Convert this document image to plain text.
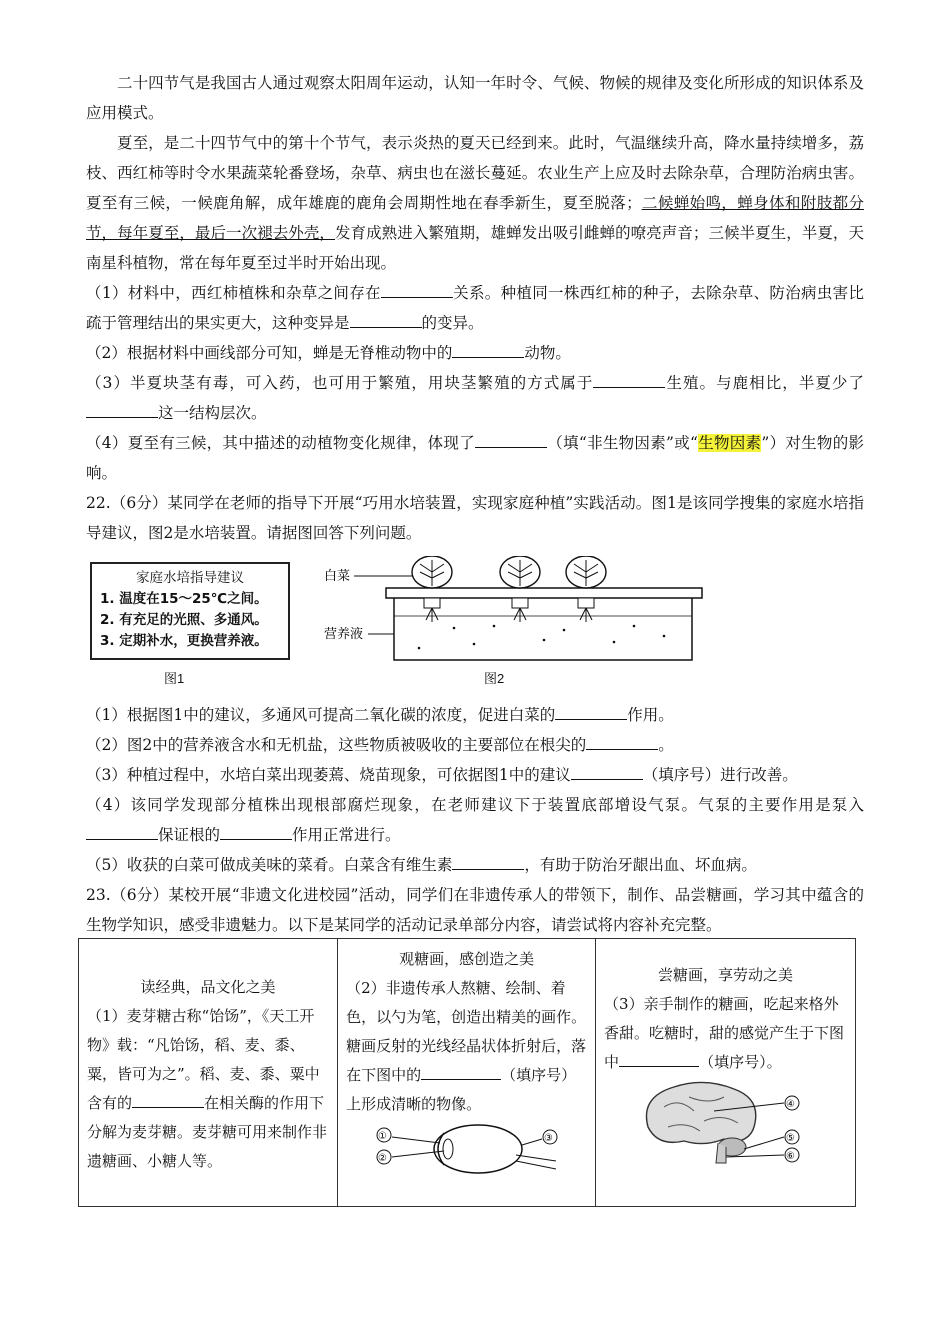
二十四节气是我国古人通过观察太阳周年运动，认知一年时令、气候、物候的规律及变化所形成的知识体系及应用模式。

夏至，是二十四节气中的第十个节气，表示炎热的夏天已经到来。此时，气温继续升高，降水量持续增多，荔枝、西红柿等时令水果蔬菜轮番登场，杂草、病虫也在滋长蔓延。农业生产上应及时去除杂草，合理防治病虫害。夏至有三候，一候鹿角解，成年雄鹿的鹿角会周期性地在春季新生，夏至脱落；二候蝉始鸣，蝉身体和附肢都分节，每年夏至，最后一次褪去外壳，发育成熟进入繁殖期，雄蝉发出吸引雌蝉的嘹亮声音；三候半夏生，半夏，天南星科植物，常在每年夏至过半时开始出现。

（1）材料中，西红柿植株和杂草之间存在	关系。种植同一株西红柿的种子，去除杂草、防治病虫害比疏于管理结出的果实更大，这种变异是	的变异。

（2）根据材料中画线部分可知，蝉是无脊椎动物中的	动物。

（3）半夏块茎有毒，可入药，也可用于繁殖，用块茎繁殖的方式属于	生殖。与鹿相比，半夏少了这一结构层次。

（4）夏至有三候，其中描述的动植物变化规律，体现了	（填“非生物因素”或“生物因素”）对生物的影响。

22.（6分）某同学在老师的指导下开展“巧用水培装置，实现家庭种植”实践活动。图1是该同学搜集的家庭水培指导建议，图2是水培装置。请据图回答下列问题。

家庭水培指导建议
1. 温度在15～25℃之间。
2. 有充足的光照、多通风。
3. 定期补水，更换营养液。
图1
白菜
营养液
图2

（1）根据图1中的建议，多通风可提高二氧化碳的浓度，促进白菜的	作用。

（2）图2中的营养液含水和无机盐，这些物质被吸收的主要部位在根尖的	。

（3）种植过程中，水培白菜出现萎蔫、烧苗现象，可依据图1中的建议	（填序号）进行改善。

（4）该同学发现部分植株出现根部腐烂现象，在老师建议下于装置底部增设气泵。气泵的主要作用是泵入保证根的	作用正常进行。

（5）收获的白菜可做成美味的菜肴。白菜含有维生素	，有助于防治牙龈出血、坏血病。

23.（6分）某校开展“非遗文化进校园”活动，同学们在非遗传承人的带领下，制作、品尝糖画，学习其中蕴含的生物学知识，感受非遗魅力。以下是某同学的活动记录单部分内容，请尝试将内容补充完整。

读经典，品文化之美
（1）麦芽糖古称“饴饧”，《天工开物》载：“凡饴饧，稻、麦、黍、粟，皆可为之”。稻、麦、黍、粟中含有的	在相关酶的作用下分解为麦芽糖。麦芽糖可用来制作非遗糖画、小糖人等。

观糖画，感创造之美
（2）非遗传承人熬糖、绘制、着色，以勺为笔，创造出精美的画作。糖画反射的光线经晶状体折射后，落在下图中的	（填序号）上形成清晰的物像。
①
②
③

尝糖画，享劳动之美
（3）亲手制作的糖画，吃起来格外香甜。吃糖时，甜的感觉产生于下图中	（填序号）。
④
⑤
⑥
